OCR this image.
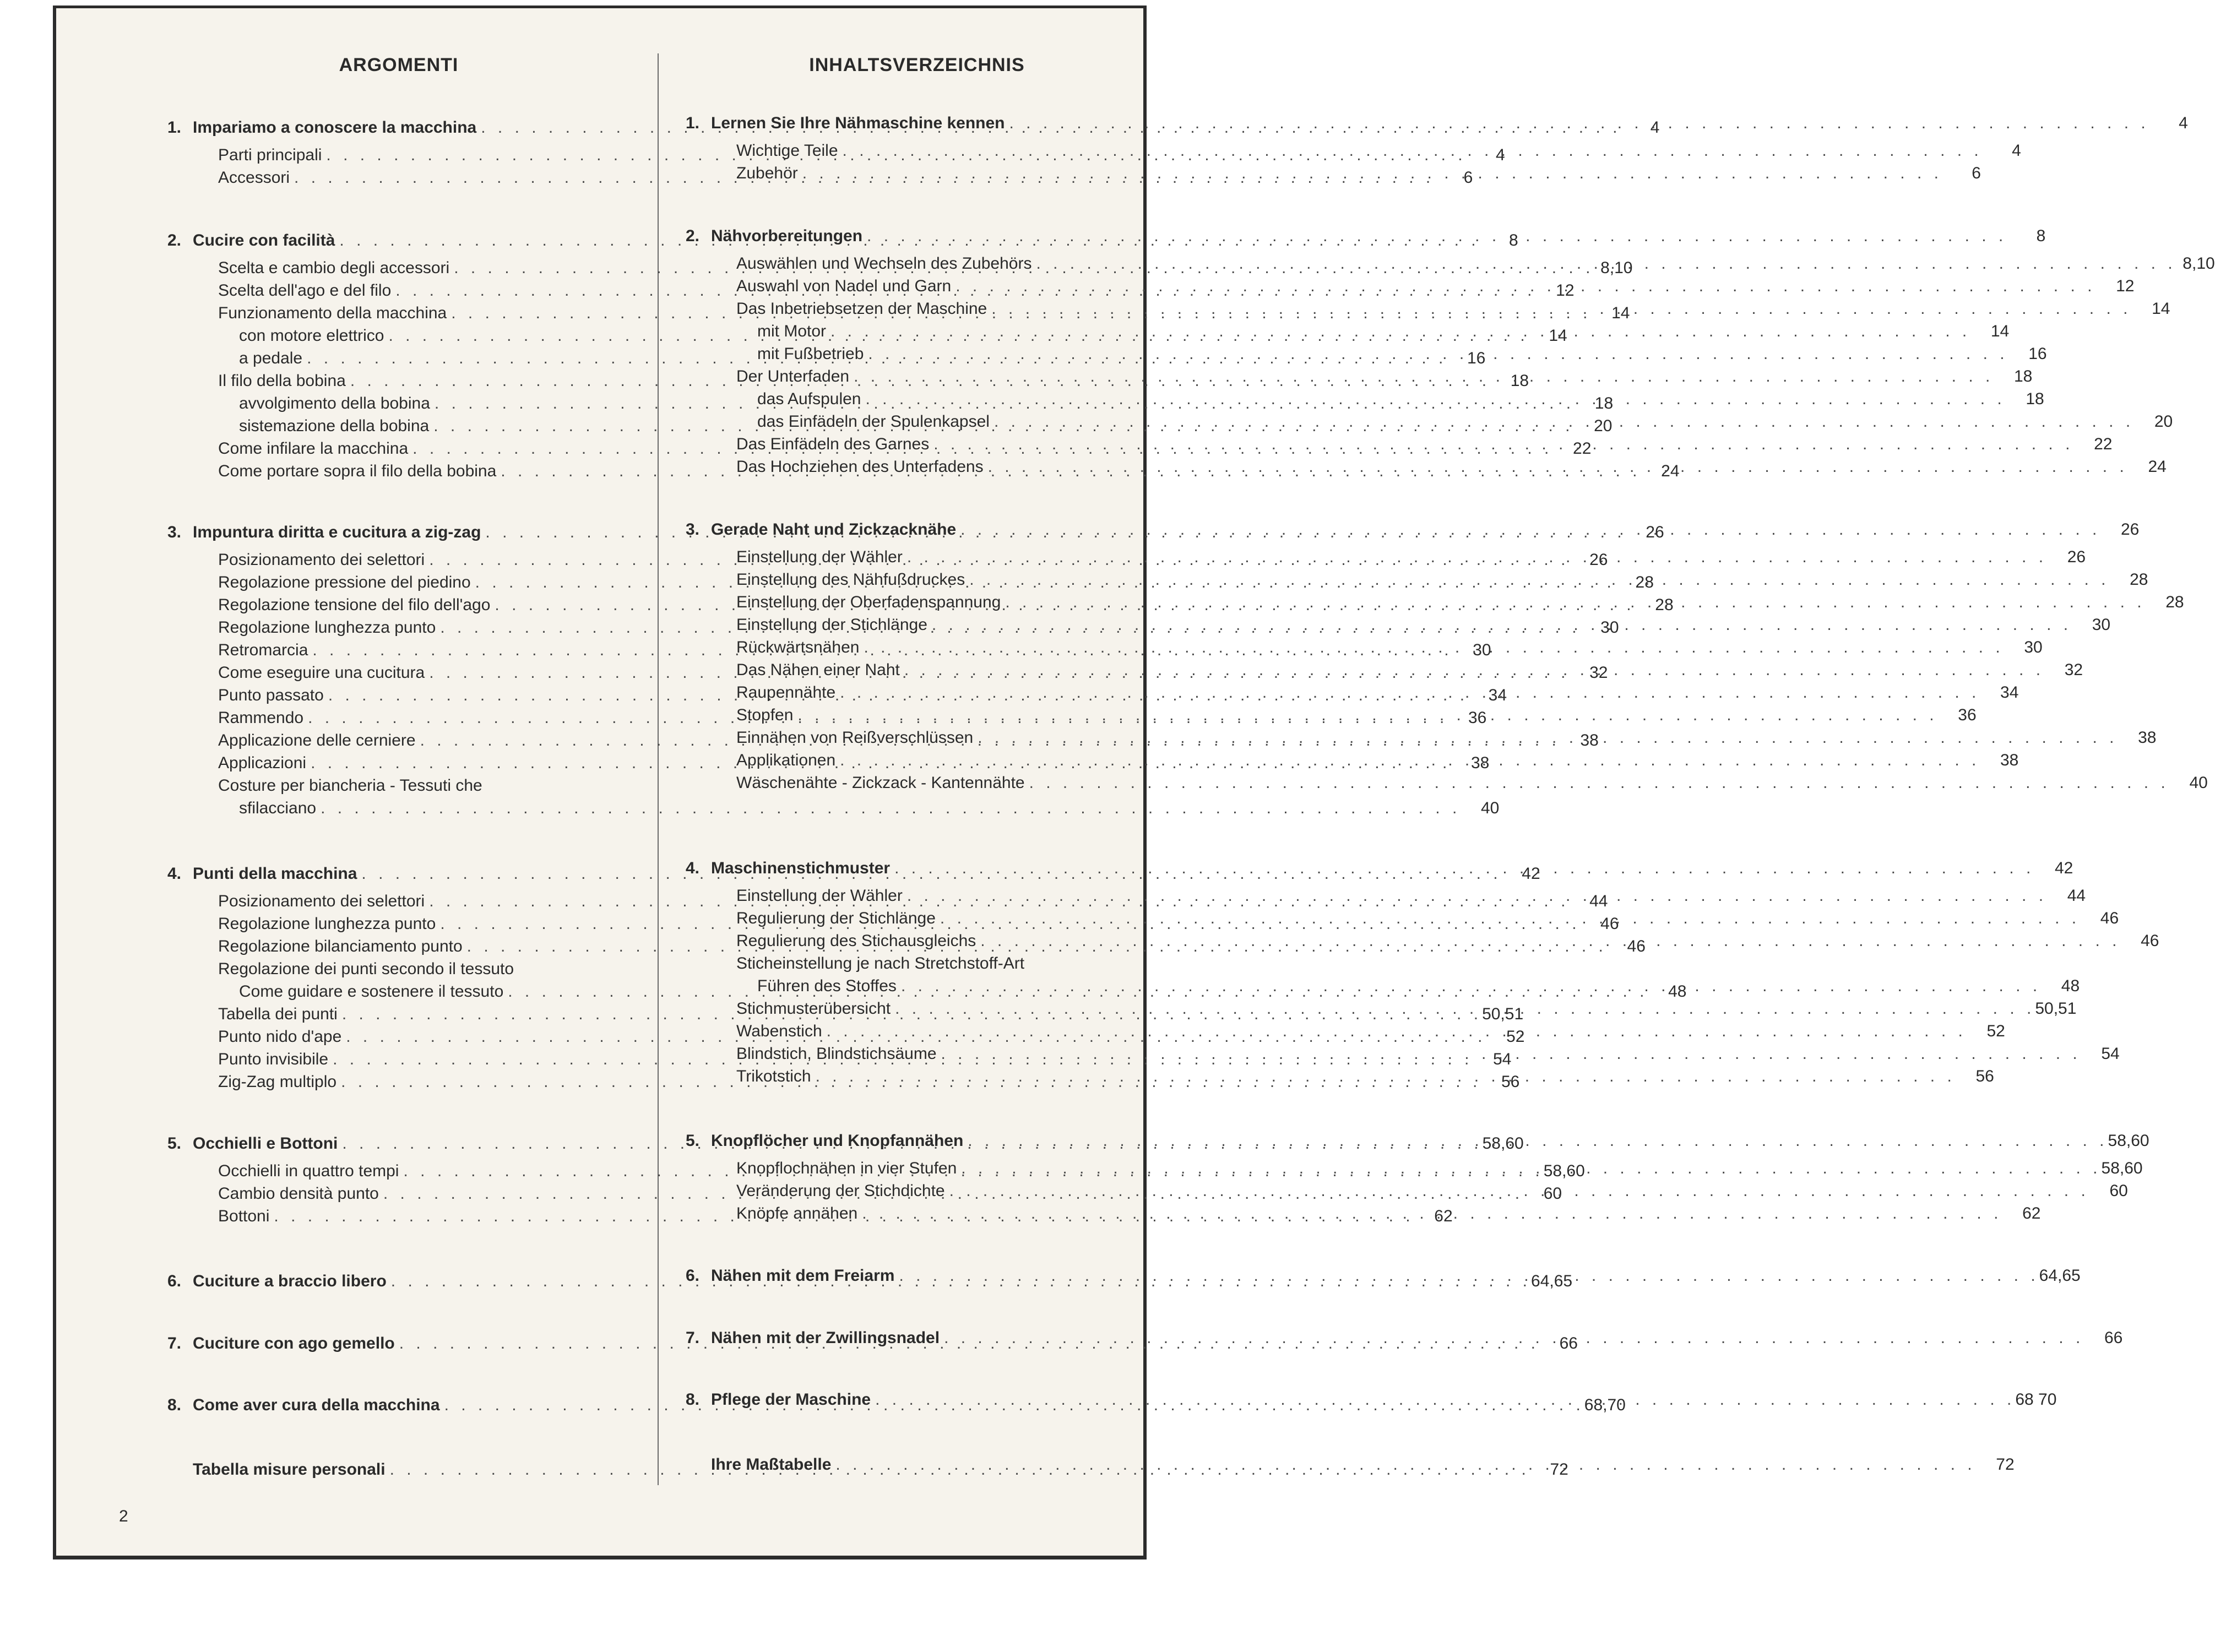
ARGOMENTI
1. Impariamo a conoscere la macchina . . .	4
Parti principali . . .	4
Accessori . . .	6
2. Cucire con facilità . . .	8
Scelta e cambio degli accessori . . .	8,10
Scelta dell'ago e del filo . . .	12
Funzionamento della macchina . . .	14
con motore elettrico . . .	14
a pedale . . .	16
Il filo della bobina . . .	18
avvolgimento della bobina . . .	18
sistemazione della bobina . . .	20
Come infilare la macchina . . .	22
Come portare sopra il filo della bobina . . .	24
3. Impuntura diritta e cucitura a zig-zag . . .	26
Posizionamento dei selettori . . .	26
Regolazione pressione del piedino . . .	28
Regolazione tensione del filo dell'ago . . .	28
Regolazione lunghezza punto . . .	30
Retromarcia . . .	30
Come eseguire una cucitura . . .	32
Punto passato . . .	34
Rammendo . . .	36
Applicazione delle cerniere . . .	38
Applicazioni . . .	38
Costure per biancheria - Tessuti che
sfilacciano . . .	40
4. Punti della macchina . . .	42
Posizionamento dei selettori . . .	44
Regolazione lunghezza punto . . .	46
Regolazione bilanciamento punto . . .	46
Regolazione dei punti secondo il tessuto
Come guidare e sostenere il tessuto . . .	48
Tabella dei punti . . .	50,51
Punto nido d'ape . . .	52
Punto invisibile . . .	54
Zig-Zag multiplo . . .	56
5. Occhielli e Bottoni . . .	58,60
Occhielli in quattro tempi . . .	58,60
Cambio densità punto . . .	60
Bottoni . . .	62
6. Cuciture a braccio libero . . .	64,65
7. Cuciture con ago gemello . . .	66
8. Come aver cura della macchina . . .	68,70
Tabella misure personali . . .	72
INHALTSVERZEICHNIS
1. Lernen Sie Ihre Nähmaschine kennen . . .	4
Wichtige Teile . . .	4
Zubehör . . .	6
2. Nähvorbereitungen . . .	8
Auswählen und Wechseln des Zubehörs . . .	8,10
Auswahl von Nadel und Garn . . .	12
Das Inbetriebsetzen der Maschine . . .	14
mit Motor . . .	14
mit Fußbetrieb . . .	16
Der Unterfaden . . .	18
das Aufspulen . . .	18
das Einfädeln der Spulenkapsel . . .	20
Das Einfädeln des Garnes . . .	22
Das Hochziehen des Unterfadens . . .	24
3. Gerade Naht und Zickzacknähe . . .	26
Einstellung der Wähler . . .	26
Einstellung des Nähfußdruckes . . .	28
Einstellung der Oberfadenspannung . . .	28
Einstellung der Stichlänge . . .	30
Rückwärtsnähen . . .	30
Das Nähen einer Naht . . .	32
Raupennähte . . .	34
Stopfen . . .	36
Einnähen von Reißverschlüssen . . .	38
Applikationen . . .	38
Wäschenähte - Zickzack - Kantennähte . . .	40
4. Maschinenstichmuster . . .	42
Einstellung der Wähler . . .	44
Regulierung der Stichlänge . . .	46
Regulierung des Stichausgleichs . . .	46
Sticheinstellung je nach Stretchstoff-Art
Führen des Stoffes . . .	48
Stichmusterübersicht . . .	50,51
Wabenstich . . .	52
Blindstich, Blindstichsäume . . .	54
Trikotstich . . .	56
5. Knopflöcher und Knopfannähen . . .	58,60
Knopflochnähen in vier Stufen . . .	58,60
Veränderung der Stichdichte . . .	60
Knöpfe annähen . . .	62
6. Nähen mit dem Freiarm . . .	64,65
7. Nähen mit der Zwillingsnadel . . .	66
8. Pflege der Maschine . . .	68 70
Ihre Maßtabelle . . .	72

2
